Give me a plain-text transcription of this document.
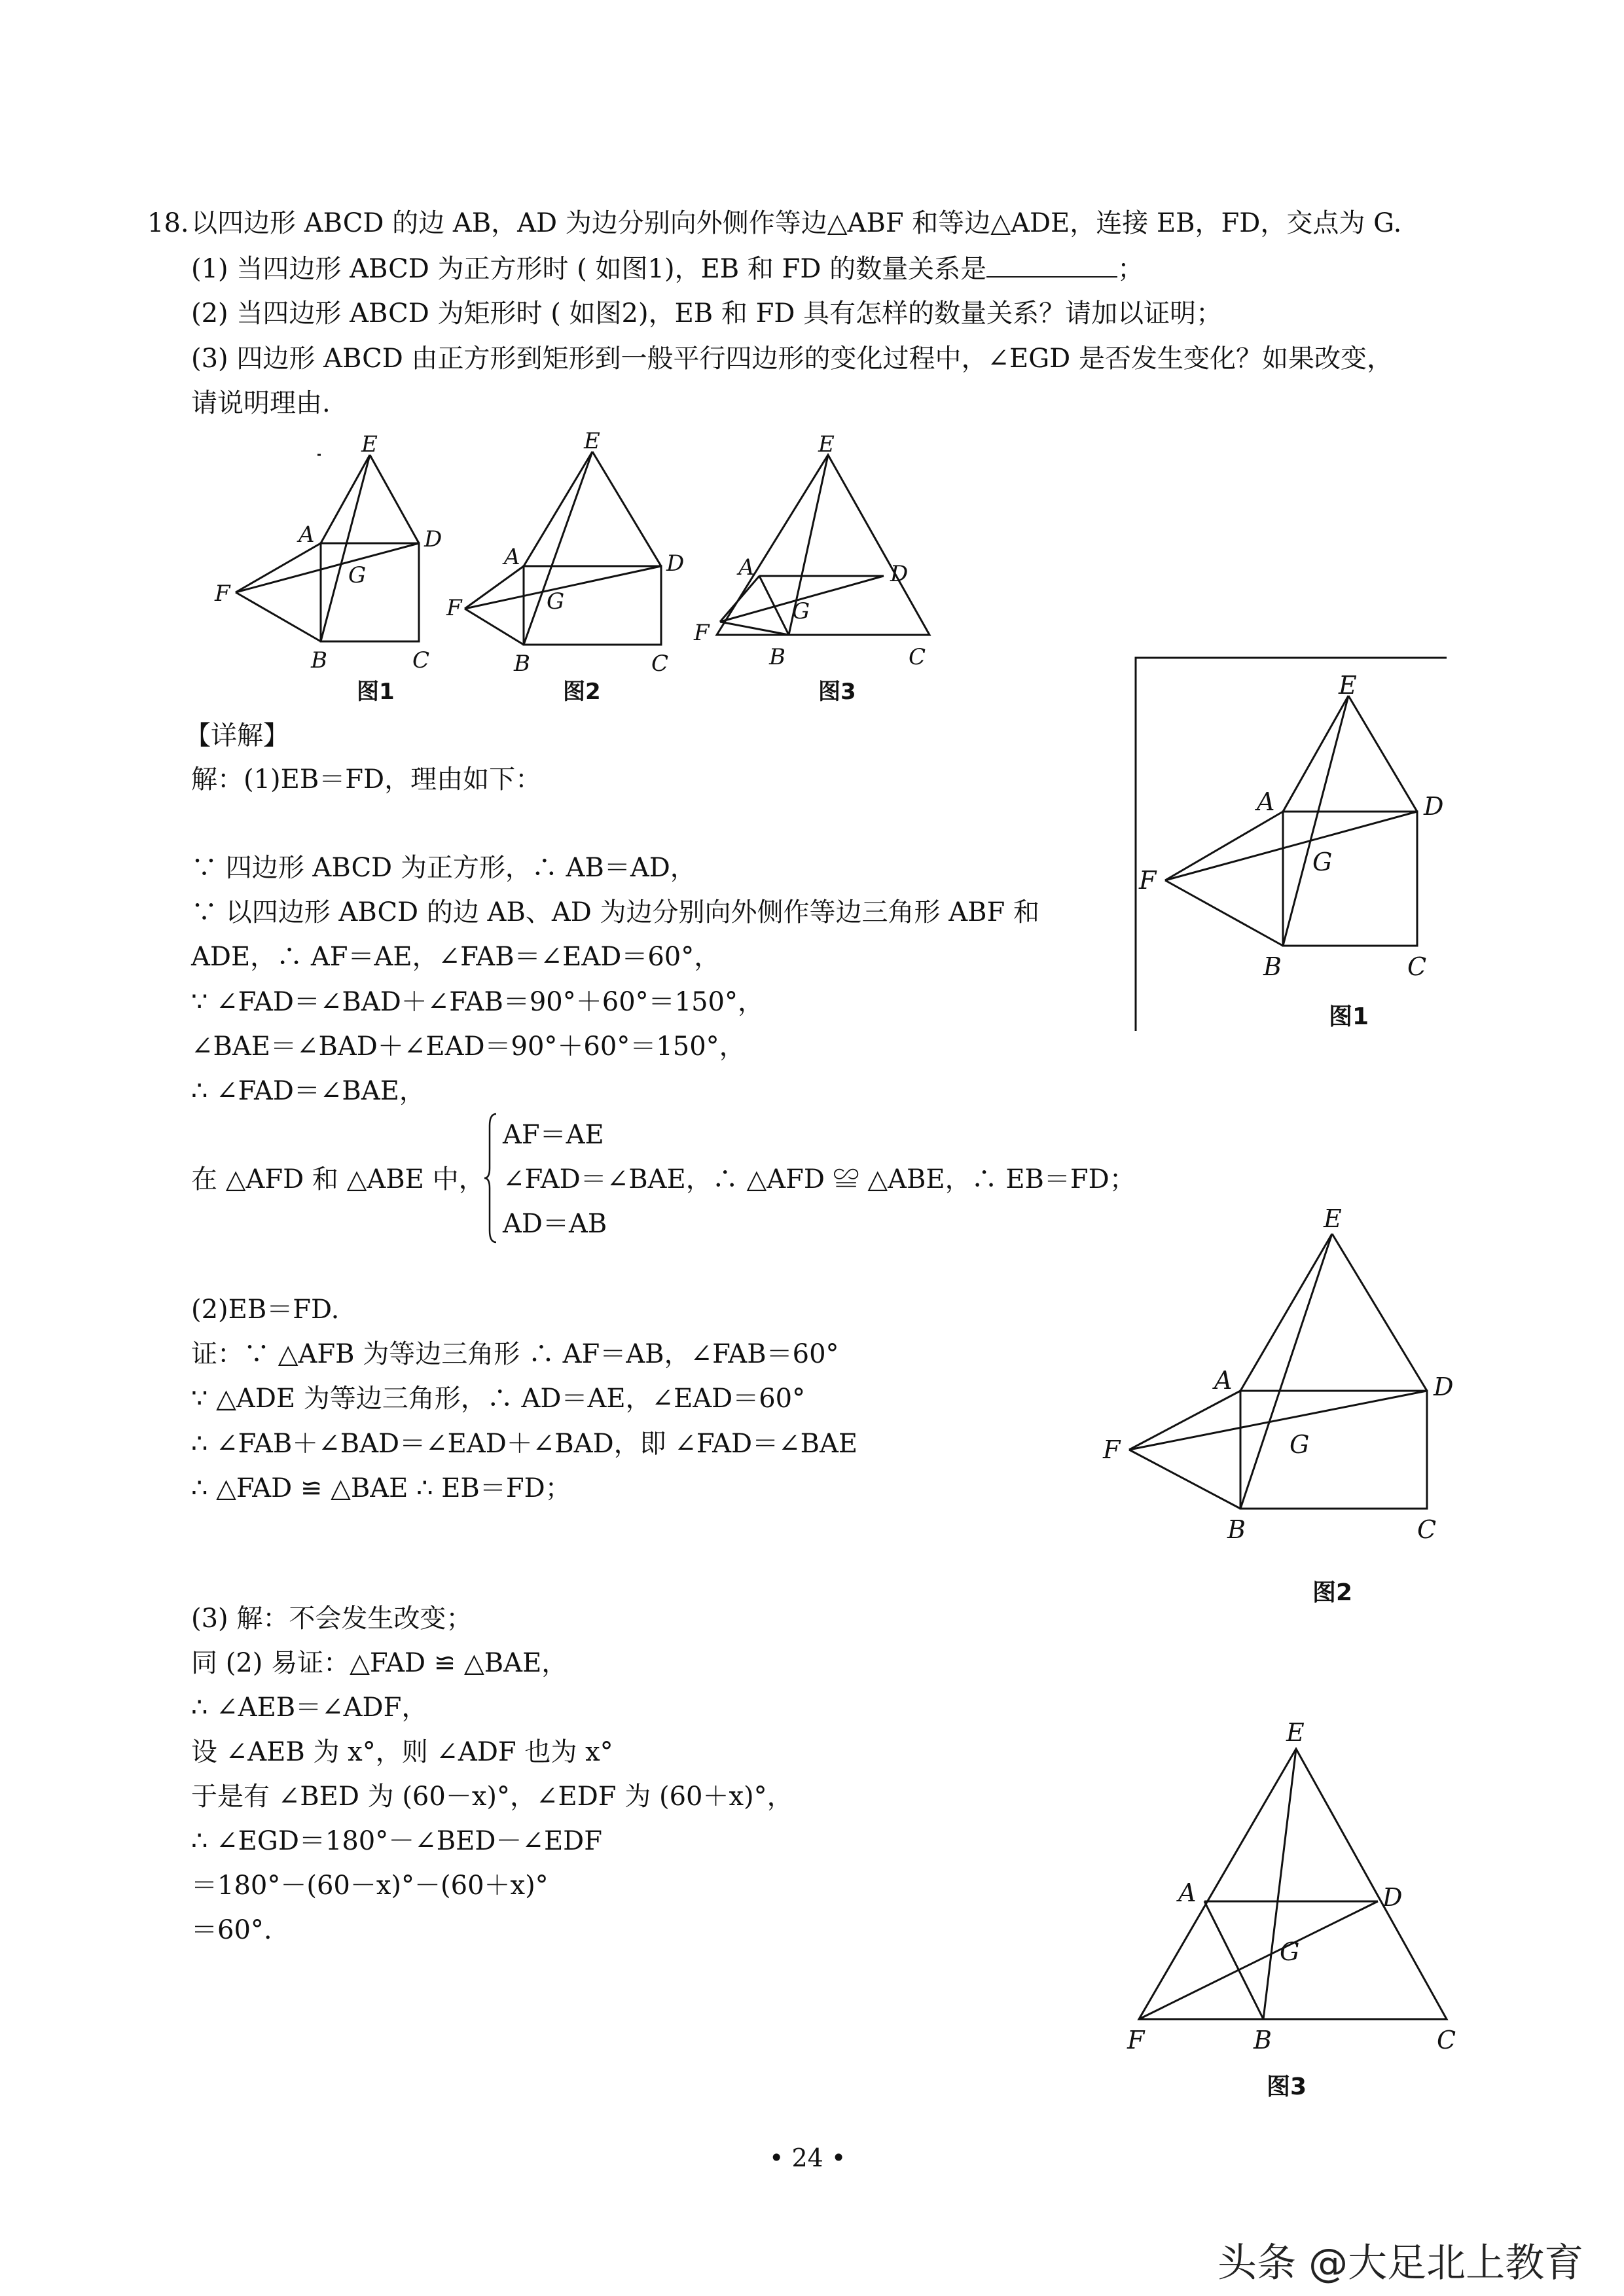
18. 以四边形 ABCD 的边 AB，AD 为边分别向外侧作等边△ABF 和等边△ADE，连接 EB，FD，交点为 G.
(1) 当四边形 ABCD 为正方形时 ( 如图1)，EB 和 FD 的数量关系是	；
(2) 当四边形 ABCD 为矩形时 ( 如图2)，EB 和 FD 具有怎样的数量关系？请加以证明；
(3) 四边形 ABCD 由正方形到矩形到一般平行四边形的变化过程中，∠EGD 是否发生变化？如果改变，
请说明理由.
E
A	D
F
G
B	C
图1
E
A	D
F	G
B	C
图2
E
A	D
F
G
B	C
图3
【详解】
解：(1)EB＝FD，理由如下：
∵ 四边形 ABCD 为正方形，∴ AB＝AD，
∵ 以四边形 ABCD 的边 AB、AD 为边分别向外侧作等边三角形 ABF 和
ADE，∴ AF＝AE，∠FAB＝∠EAD＝60°，
∵ ∠FAD＝∠BAD＋∠FAB＝90°＋60°＝150°，
∠BAE＝∠BAD＋∠EAD＝90°＋60°＝150°，
∴ ∠FAD＝∠BAE，
AF＝AE
在 △AFD 和 △ABE 中， ∠FAD＝∠BAE，∴ △AFD ≌ △ABE，∴ EB＝FD；
AD＝AB
(2)EB＝FD.
证：∵ △AFB 为等边三角形 ∴ AF＝AB，∠FAB＝60°
∵ △ADE 为等边三角形，∴ AD＝AE，∠EAD＝60°
∴ ∠FAB＋∠BAD＝∠EAD＋∠BAD，即 ∠FAD＝∠BAE
∴ △FAD ≌ △BAE ∴ EB＝FD；
(3) 解：不会发生改变；
同 (2) 易证：△FAD ≌ △BAE，
∴ ∠AEB＝∠ADF，
设 ∠AEB 为 x°，则 ∠ADF 也为 x°
于是有 ∠BED 为 (60－x)°，∠EDF 为 (60＋x)°，
∴ ∠EGD＝180°－∠BED－∠EDF
＝180°－(60－x)°－(60＋x)°
＝60°.
E
A	D
F
G
B	C
图1
E
A	D
F	G
B	C
图2
E
A	D
F
G
B	C
图3
• 24 •
头条 @大足北上教育
